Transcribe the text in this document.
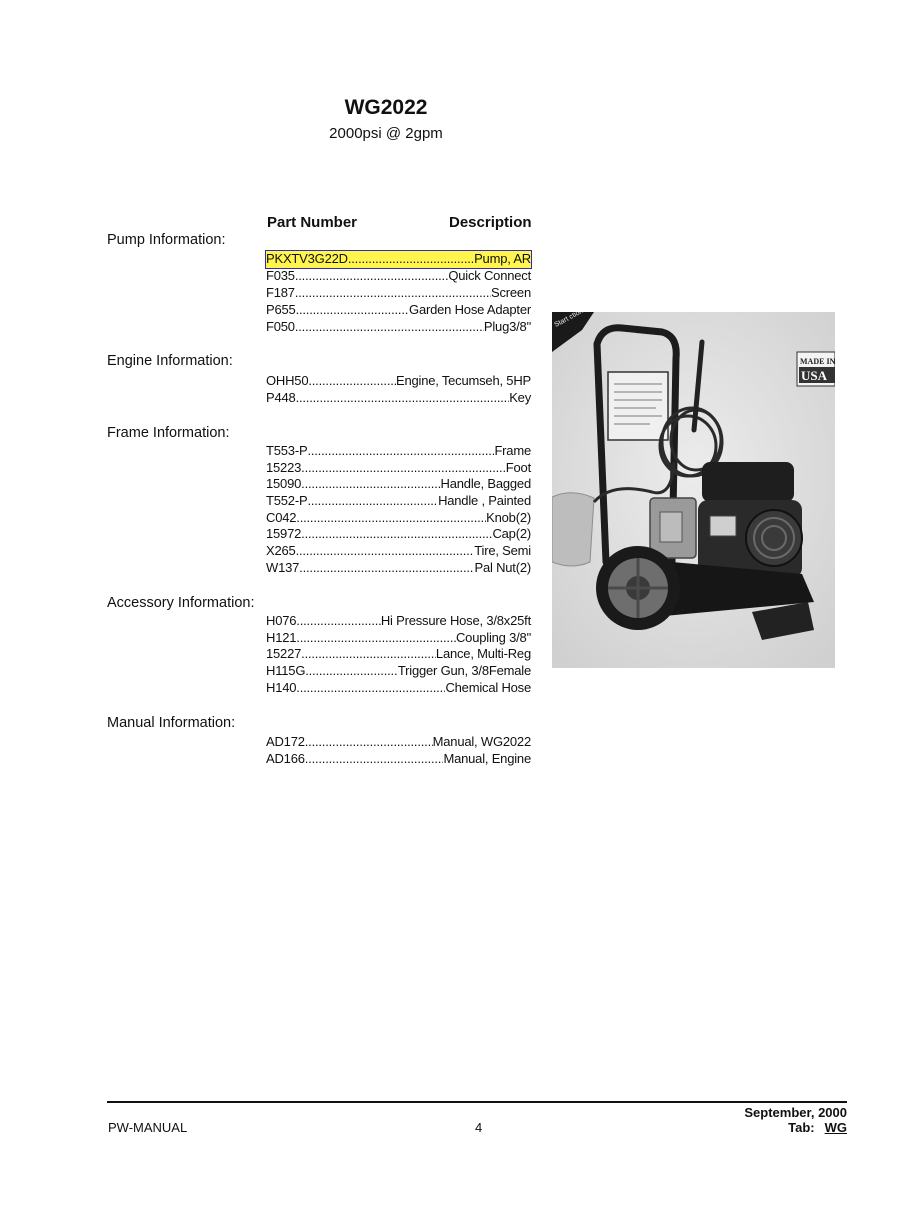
WG2022
2000psi @ 2gpm
Part Number	Description
Pump Information:
PKXTV3G22D .....	Pump, AR
F035 .....	Quick Connect
F187 .....	Screen
P655 .....	Garden Hose Adapter
F050 .....	Plug3/8"
Engine Information:
OHH50 .....	Engine, Tecumseh, 5HP
P448 .....	Key
Frame Information:
T553-P .....	Frame
15223 .....	Foot
15090 .....	Handle, Bagged
T552-P .....	Handle , Painted
C042 .....	Knob(2)
15972 .....	Cap(2)
X265 .....	Tire, Semi
W137 .....	Pal Nut(2)
Accessory Information:
H076 .....	Hi Pressure Hose, 3/8x25ft
H121 .....	Coupling 3/8"
15227 .....	Lance, Multi-Reg
H115G .....	Trigger Gun, 3/8Female
H140 .....	Chemical Hose
Manual Information:
AD172 .....	Manual, WG2022
AD166 .....	Manual, Engine
Start ctions
MADE IN
USA
PW-MANUAL	4
September, 2000
Tab: WG
